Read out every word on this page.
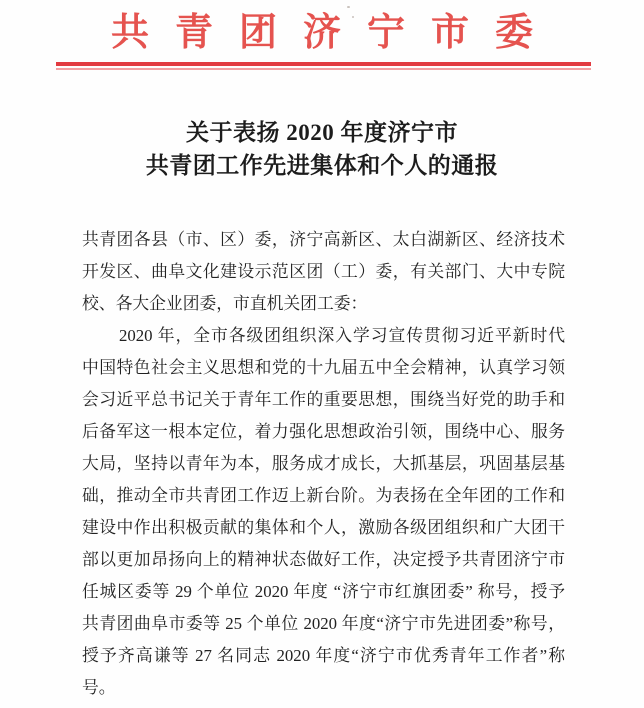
共青团济宁市委
关于表扬 2020 年度济宁市
共青团工作先进集体和个人的通报
共青团各县（市、区）委，济宁高新区、太白湖新区、经济技术
开发区、曲阜文化建设示范区团（工）委，有关部门、大中专院
校、各大企业团委，市直机关团工委：
2020 年，全市各级团组织深入学习宣传贯彻习近平新时代
中国特色社会主义思想和党的十九届五中全会精神，认真学习领
会习近平总书记关于青年工作的重要思想，围绕当好党的助手和
后备军这一根本定位，着力强化思想政治引领，围绕中心、服务
大局，坚持以青年为本，服务成才成长，大抓基层，巩固基层基
础，推动全市共青团工作迈上新台阶。为表扬在全年团的工作和
建设中作出积极贡献的集体和个人，激励各级团组织和广大团干
部以更加昂扬向上的精神状态做好工作，决定授予共青团济宁市
任城区委等 29 个单位 2020 年度 “济宁市红旗团委” 称号，授予
共青团曲阜市委等 25 个单位 2020 年度“济宁市先进团委”称号，
授予齐高谦等 27 名同志 2020 年度“济宁市优秀青年工作者”称
号。
